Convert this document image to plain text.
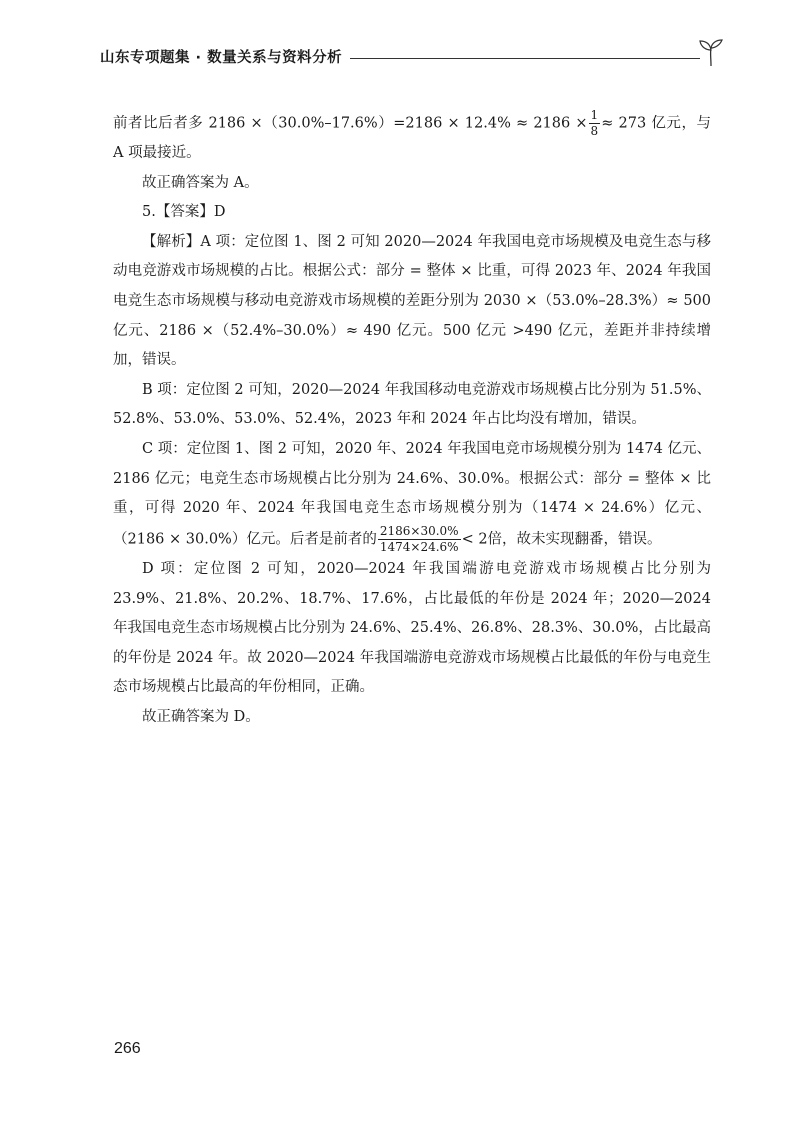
山东专项题集 · 数量关系与资料分析

前者比后者多 $2186 \times(30.0\%-17.6\%)=2186 \times 12.4\% \approx 2186 \times \frac{1}{8} \approx 273$ 亿元，与 A 项最接近。

故正确答案为 A。

5.【答案】D

【解析】A 项：定位图 1、图 2 可知 2020—2024 年我国电竞市场规模及电竞生态与移动电竞游戏市场规模的占比。根据公式：部分 = 整体 × 比重，可得 2023 年、2024 年我国电竞生态市场规模与移动电竞游戏市场规模的差距分别为 2030 ×（53.0%–28.3%）≈ 500 亿元、2186 ×（52.4%–30.0%）≈ 490 亿元。500 亿元 >490 亿元，差距并非持续增加，错误。

B 项：定位图 2 可知，2020—2024 年我国移动电竞游戏市场规模占比分别为 51.5%、52.8%、53.0%、53.0%、52.4%，2023 年和 2024 年占比均没有增加，错误。

C 项：定位图 1、图 2 可知，2020 年、2024 年我国电竞市场规模分别为 1474 亿元、2186 亿元；电竞生态市场规模占比分别为 24.6%、30.0%。根据公式：部分 = 整体 × 比重，可得 2020 年、2024 年我国电竞生态市场规模分别为（1474 × 24.6%）亿元、（2186 × 30.0%）亿元。后者是前者的 $\frac{2186\times 30.0\%}{1474\times 24.6\%} < 2$倍，故未实现翻番，错误。

D 项：定位图 2 可知，2020—2024 年我国端游电竞游戏市场规模占比分别为 23.9%、21.8%、20.2%、18.7%、17.6%，占比最低的年份是 2024 年；2020—2024 年我国电竞生态市场规模占比分别为 24.6%、25.4%、26.8%、28.3%、30.0%，占比最高的年份是 2024 年。故 2020—2024 年我国端游电竞游戏市场规模占比最低的年份与电竞生态市场规模占比最高的年份相同，正确。

故正确答案为 D。

266
